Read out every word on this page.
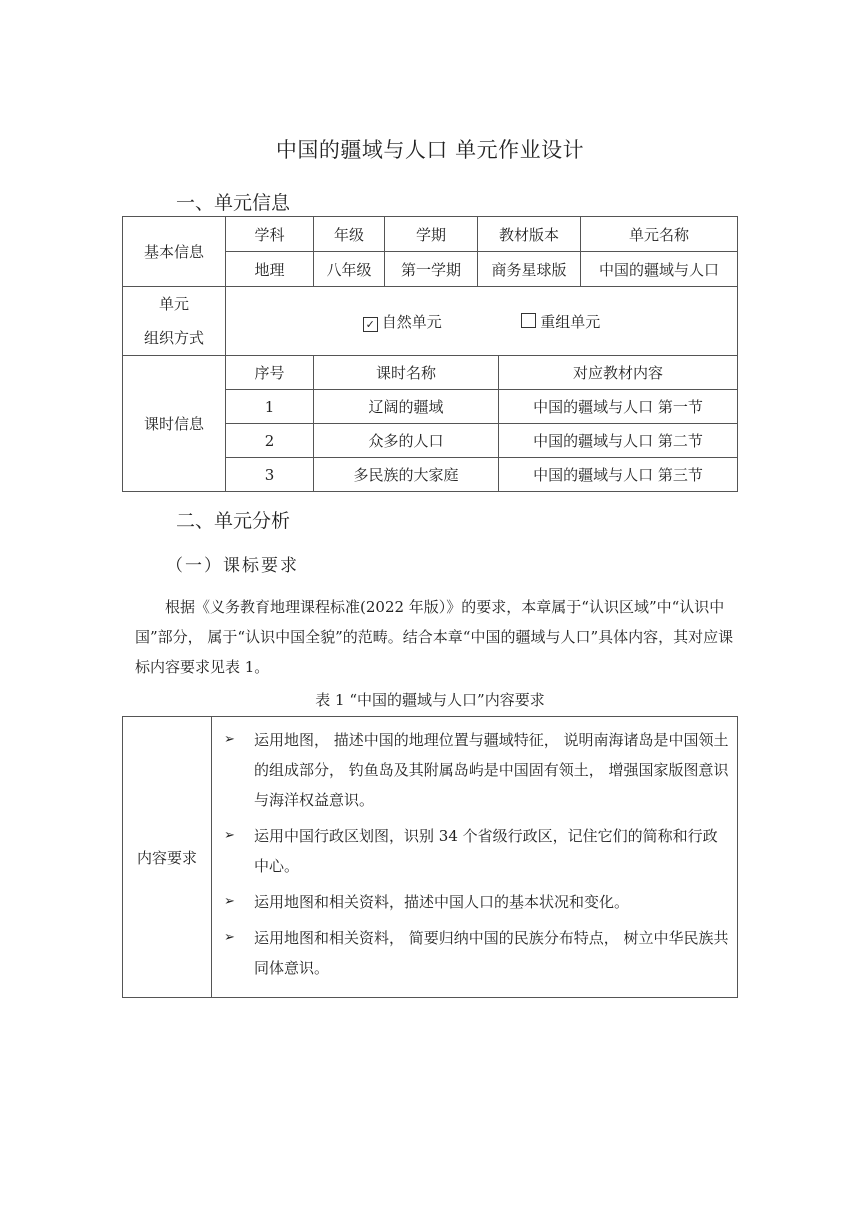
中国的疆域与人口 单元作业设计
一、单元信息
基本信息	学科	年级	学期	教材版本	单元名称
	地理	八年级	第一学期	商务星球版	中国的疆域与人口

单元
组织方式	✓ 自然单元 重组单元				
课时信息	序号	课时名称	对应教材内容
	1	辽阔的疆域	中国的疆域与人口 第一节
	2	众多的人口	中国的疆域与人口 第二节
	3	多民族的大家庭	中国的疆域与人口 第三节
二、单元分析
（一）课标要求
根据《义务教育地理课程标准(2022 年版）》的要求，本章属于“认识区域”中“认识中国”部分， 属于“认识中国全貌”的范畴。结合本章“中国的疆域与人口”具体内容，其对应课标内容要求见表 1。
表 1 “中国的疆域与人口”内容要求
内容要求	
➢ 运用地图， 描述中国的地理位置与疆域特征， 说明南海诸岛是中国领土的组成部分， 钓鱼岛及其附属岛屿是中国固有领土， 增强国家版图意识与海洋权益意识。
➢ 运用中国行政区划图，识别 34 个省级行政区，记住它们的简称和行政中心。
➢ 运用地图和相关资料，描述中国人口的基本状况和变化。
➢ 运用地图和相关资料， 简要归纳中国的民族分布特点， 树立中华民族共同体意识。
